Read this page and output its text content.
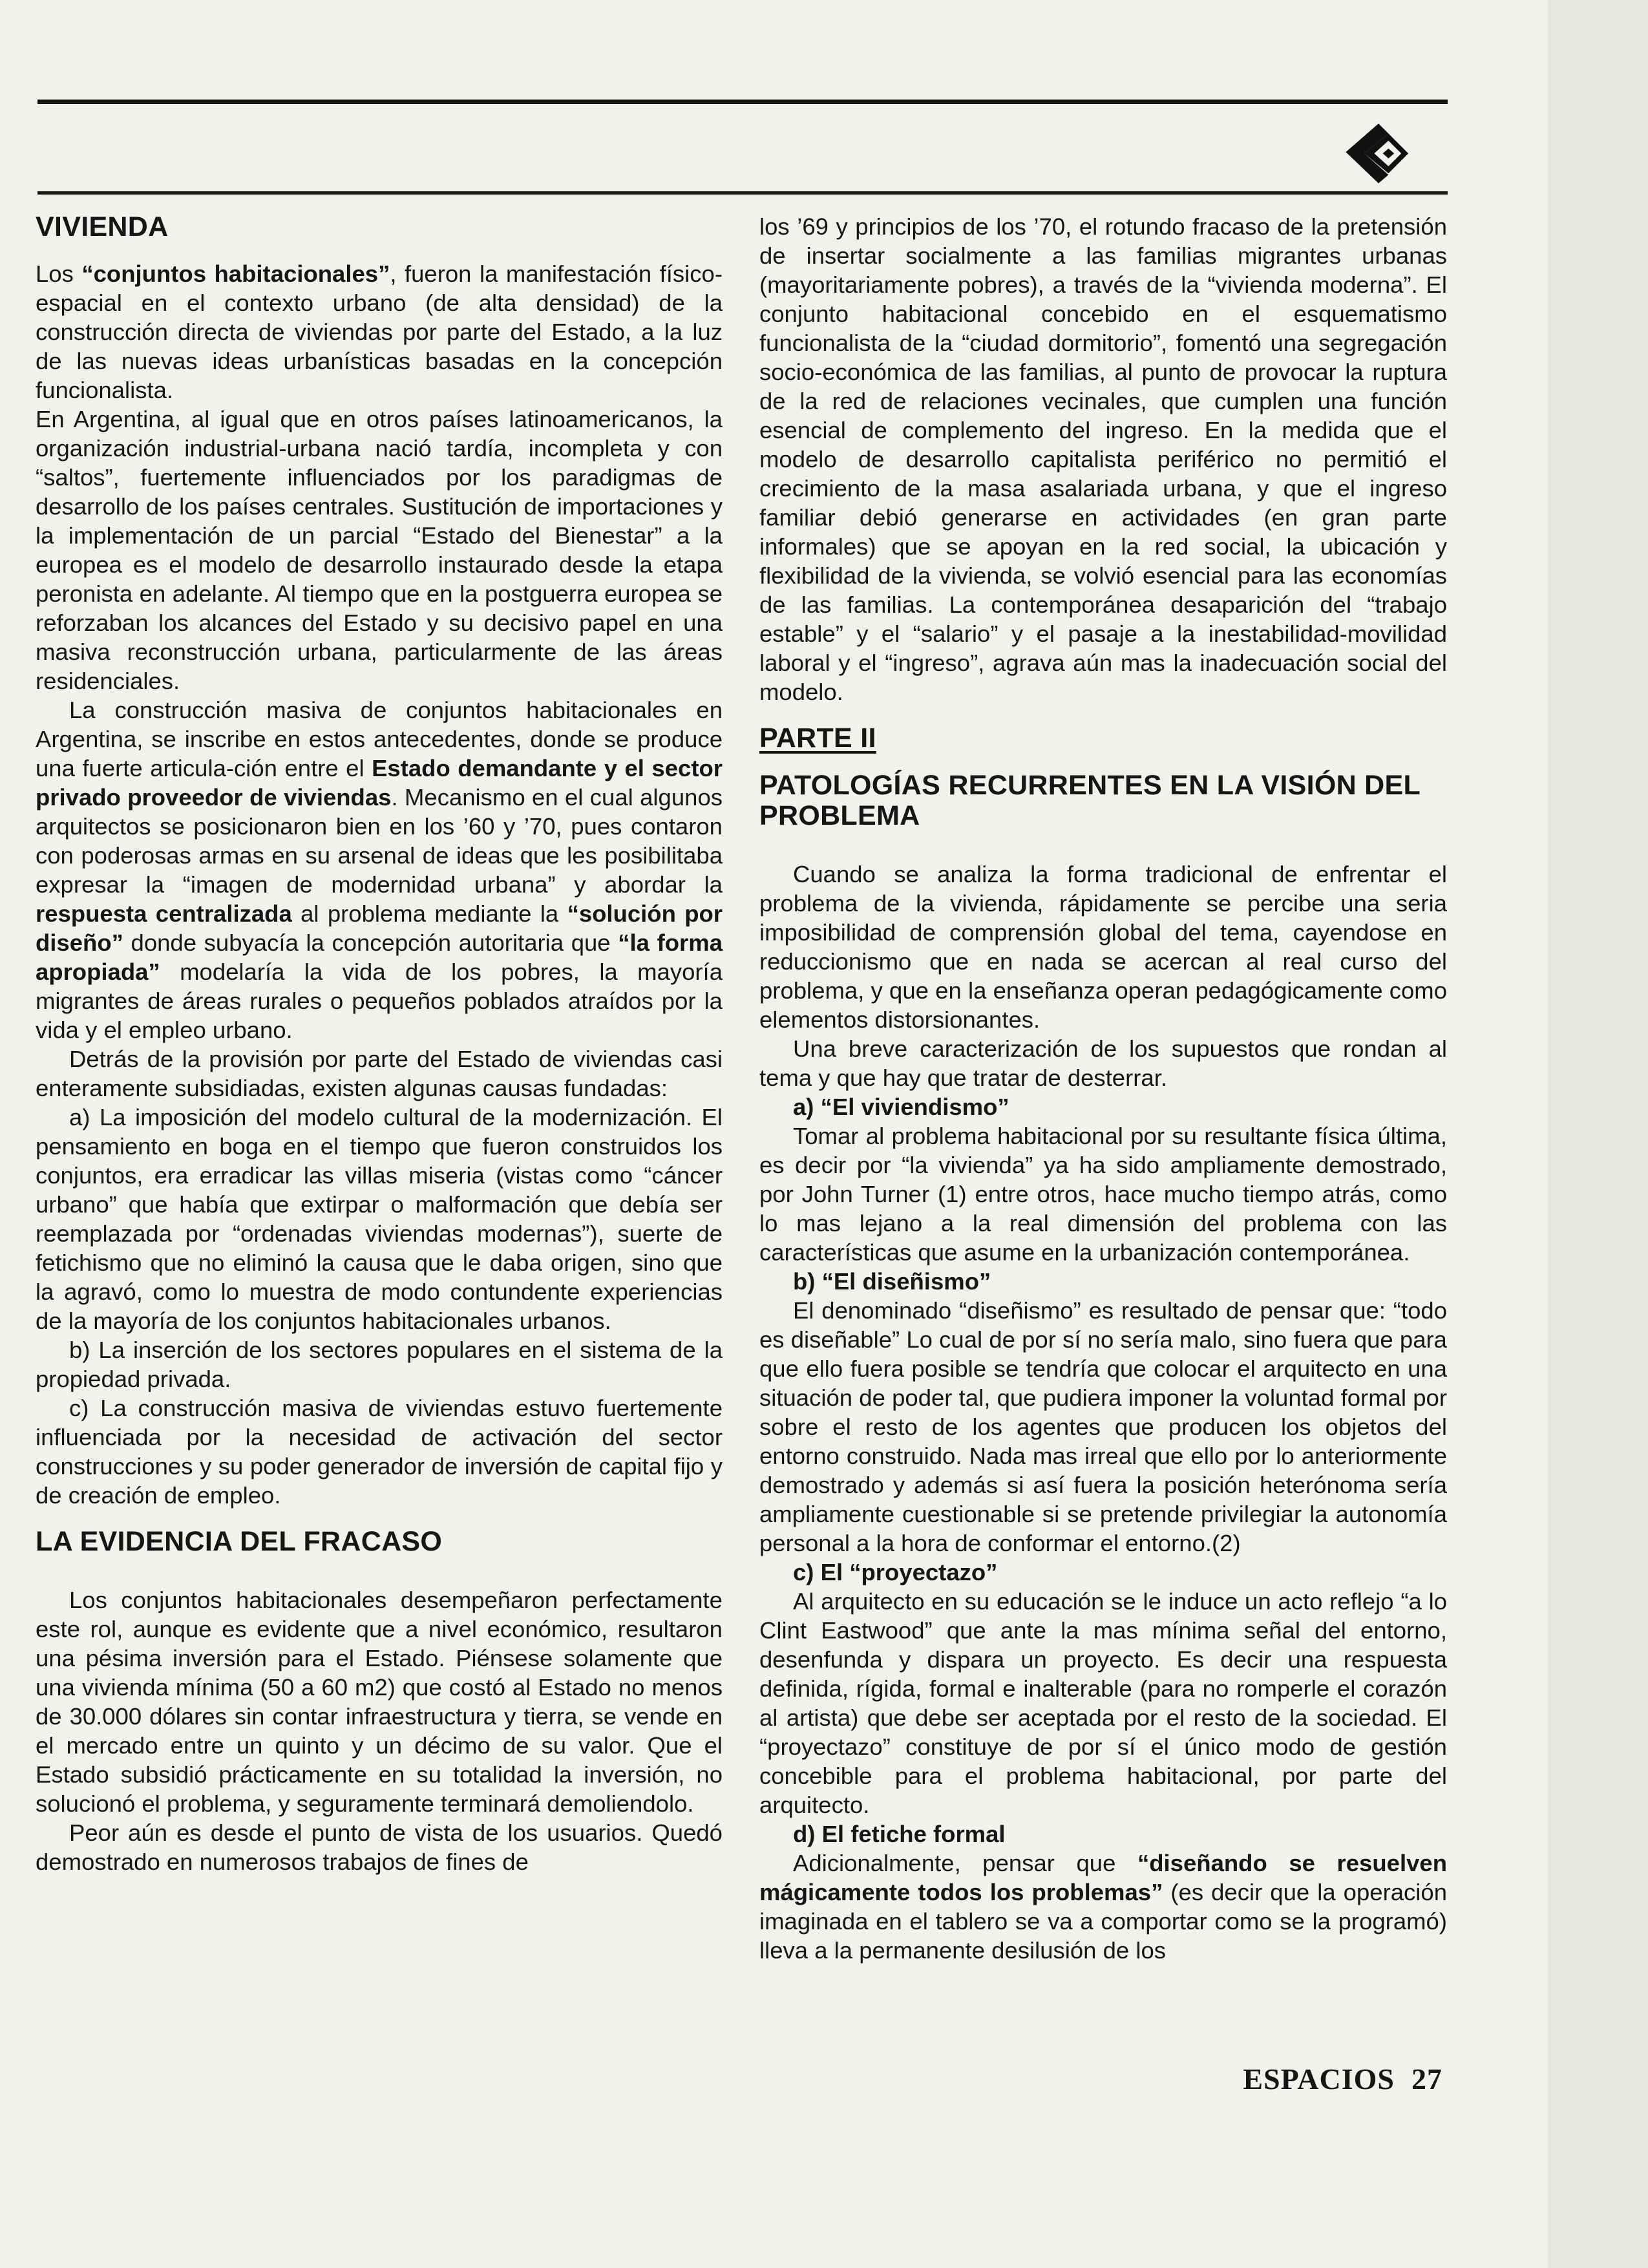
VIVIENDA

Los “conjuntos habitacionales”, fueron la manifestación físico-espacial en el contexto urbano (de alta densidad) de la construcción directa de viviendas por parte del Estado, a la luz de las nuevas ideas urbanísticas basadas en la concepción funcionalista.

En Argentina, al igual que en otros países latinoamericanos, la organización industrial-urbana nació tardía, incompleta y con “saltos”, fuertemente influenciados por los paradigmas de desarrollo de los países centrales. Sustitución de importaciones y la implementación de un parcial “Estado del Bienestar” a la europea es el modelo de desarrollo instaurado desde la etapa peronista en adelante. Al tiempo que en la postguerra europea se reforzaban los alcances del Estado y su decisivo papel en una masiva reconstrucción urbana, particularmente de las áreas residenciales.

La construcción masiva de conjuntos habitacionales en Argentina, se inscribe en estos antecedentes, donde se produce una fuerte articula-ción entre el Estado demandante y el sector privado proveedor de viviendas. Mecanismo en el cual algunos arquitectos se posicionaron bien en los ’60 y ’70, pues contaron con poderosas armas en su arsenal de ideas que les posibilitaba expresar la “imagen de modernidad urbana” y abordar la respuesta centralizada al problema mediante la “solución por diseño” donde subyacía la concepción autoritaria que “la forma apropiada” modelaría la vida de los pobres, la mayoría migrantes de áreas rurales o pequeños poblados atraídos por la vida y el empleo urbano.

Detrás de la provisión por parte del Estado de viviendas casi enteramente subsidiadas, existen algunas causas fundadas:

a) La imposición del modelo cultural de la modernización. El pensamiento en boga en el tiempo que fueron construidos los conjuntos, era erradicar las villas miseria (vistas como “cáncer urbano” que había que extirpar o malformación que debía ser reemplazada por “ordenadas viviendas modernas”), suerte de fetichismo que no eliminó la causa que le daba origen, sino que la agravó, como lo muestra de modo contundente experiencias de la mayoría de los conjuntos habitacionales urbanos.

b) La inserción de los sectores populares en el sistema de la propiedad privada.

c) La construcción masiva de viviendas estuvo fuertemente influenciada por la necesidad de activación del sector construcciones y su poder generador de inversión de capital fijo y de creación de empleo.

LA EVIDENCIA DEL FRACASO

Los conjuntos habitacionales desempeñaron perfectamente este rol, aunque es evidente que a nivel económico, resultaron una pésima inversión para el Estado. Piénsese solamente que una vivienda mínima (50 a 60 m2) que costó al Estado no menos de 30.000 dólares sin contar infraestructura y tierra, se vende en el mercado entre un quinto y un décimo de su valor. Que el Estado subsidió prácticamente en su totalidad la inversión, no solucionó el problema, y seguramente terminará demoliendolo.

Peor aún es desde el punto de vista de los usuarios. Quedó demostrado en numerosos trabajos de fines de

los ’69 y principios de los ’70, el rotundo fracaso de la pretensión de insertar socialmente a las familias migrantes urbanas (mayoritariamente pobres), a través de la “vivienda moderna”. El conjunto habitacional concebido en el esquematismo funcionalista de la “ciudad dormitorio”, fomentó una segregación socio-económica de las familias, al punto de provocar la ruptura de la red de relaciones vecinales, que cumplen una función esencial de complemento del ingreso. En la medida que el modelo de desarrollo capitalista periférico no permitió el crecimiento de la masa asalariada urbana, y que el ingreso familiar debió generarse en actividades (en gran parte informales) que se apoyan en la red social, la ubicación y flexibilidad de la vivienda, se volvió esencial para las economías de las familias. La contemporánea desaparición del “trabajo estable” y el “salario” y el pasaje a la inestabilidad-movilidad laboral y el “ingreso”, agrava aún mas la inadecuación social del modelo.

PARTE II
PATOLOGÍAS RECURRENTES EN LA VISIÓN DEL PROBLEMA

Cuando se analiza la forma tradicional de enfrentar el problema de la vivienda, rápidamente se percibe una seria imposibilidad de comprensión global del tema, cayendose en reduccionismo que en nada se acercan al real curso del problema, y que en la enseñanza operan pedagógicamente como elementos distorsionantes.

Una breve caracterización de los supuestos que rondan al tema y que hay que tratar de desterrar.

a) “El viviendismo”

Tomar al problema habitacional por su resultante física última, es decir por “la vivienda” ya ha sido ampliamente demostrado, por John Turner (1) entre otros, hace mucho tiempo atrás, como lo mas lejano a la real dimensión del problema con las características que asume en la urbanización contemporánea.

b) “El diseñismo”

El denominado “diseñismo” es resultado de pensar que: “todo es diseñable” Lo cual de por sí no sería malo, sino fuera que para que ello fuera posible se tendría que colocar el arquitecto en una situación de poder tal, que pudiera imponer la voluntad formal por sobre el resto de los agentes que producen los objetos del entorno construido. Nada mas irreal que ello por lo anteriormente demostrado y además si así fuera la posición heterónoma sería ampliamente cuestionable si se pretende privilegiar la autonomía personal a la hora de conformar el entorno.(2)

c) El “proyectazo”

Al arquitecto en su educación se le induce un acto reflejo “a lo Clint Eastwood” que ante la mas mínima señal del entorno, desenfunda y dispara un proyecto. Es decir una respuesta definida, rígida, formal e inalterable (para no romperle el corazón al artista) que debe ser aceptada por el resto de la sociedad. El “proyectazo” constituye de por sí el único modo de gestión concebible para el problema habitacional, por parte del arquitecto.

d) El fetiche formal

Adicionalmente, pensar que “diseñando se resuelven mágicamente todos los problemas” (es decir que la operación imaginada en el tablero se va a comportar como se la programó) lleva a la permanente desilusión de los

ESPACIOS 27
